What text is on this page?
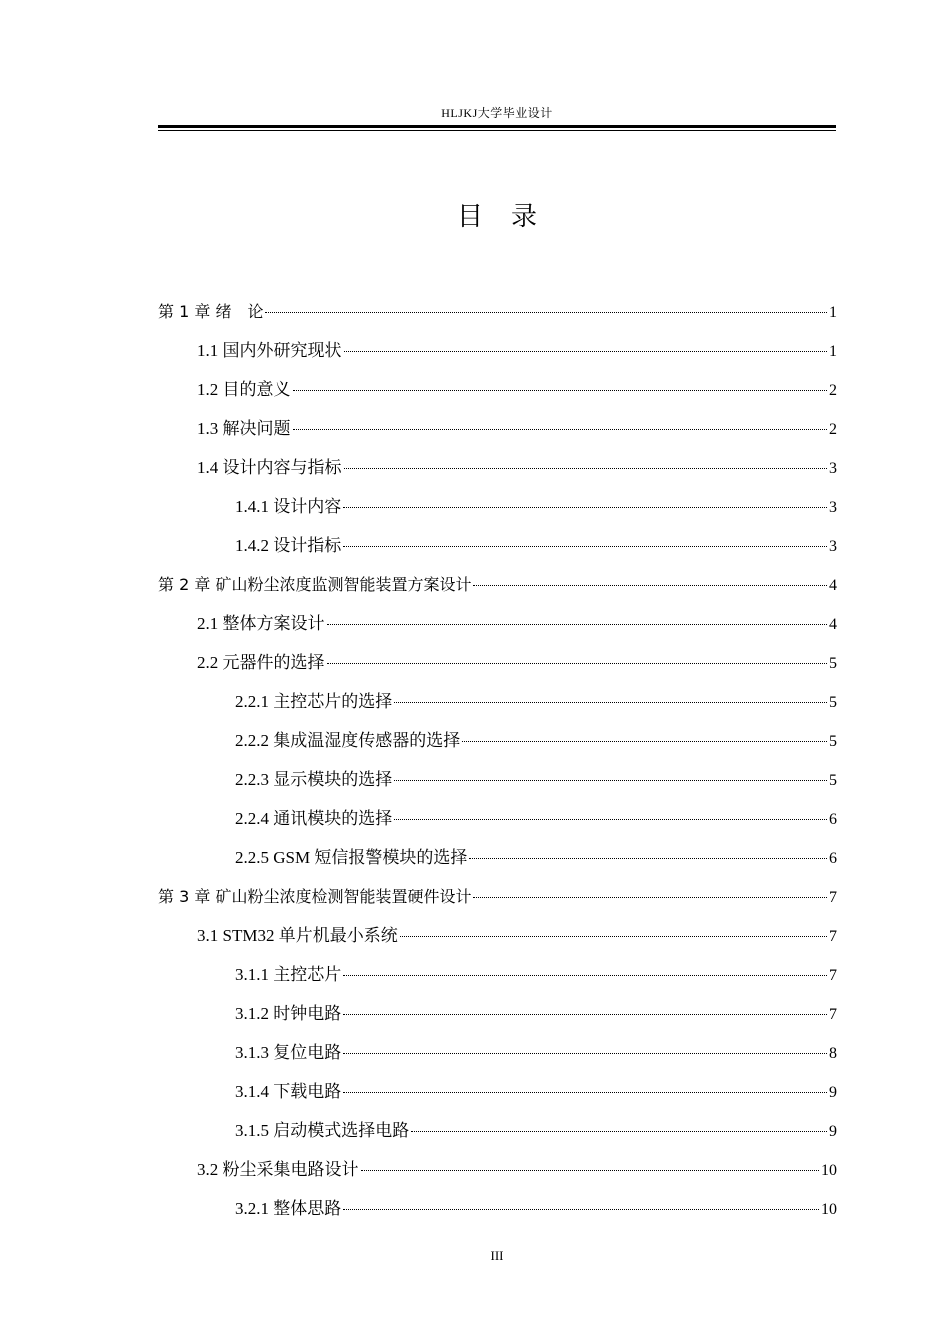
HLJKJ大学毕业设计
目录
第 1 章 绪　论	1
1.1 国内外研究现状	1
1.2 目的意义	2
1.3 解决问题	2
1.4 设计内容与指标	3
1.4.1 设计内容	3
1.4.2 设计指标	3
第 2 章 矿山粉尘浓度监测智能装置方案设计	4
2.1 整体方案设计	4
2.2 元器件的选择	5
2.2.1 主控芯片的选择	5
2.2.2 集成温湿度传感器的选择	5
2.2.3 显示模块的选择	5
2.2.4 通讯模块的选择	6
2.2.5 GSM 短信报警模块的选择	6
第 3 章 矿山粉尘浓度检测智能装置硬件设计	7
3.1 STM32 单片机最小系统	7
3.1.1 主控芯片	7
3.1.2 时钟电路	7
3.1.3 复位电路	8
3.1.4 下载电路	9
3.1.5 启动模式选择电路	9
3.2 粉尘采集电路设计	10
3.2.1 整体思路	10
III
